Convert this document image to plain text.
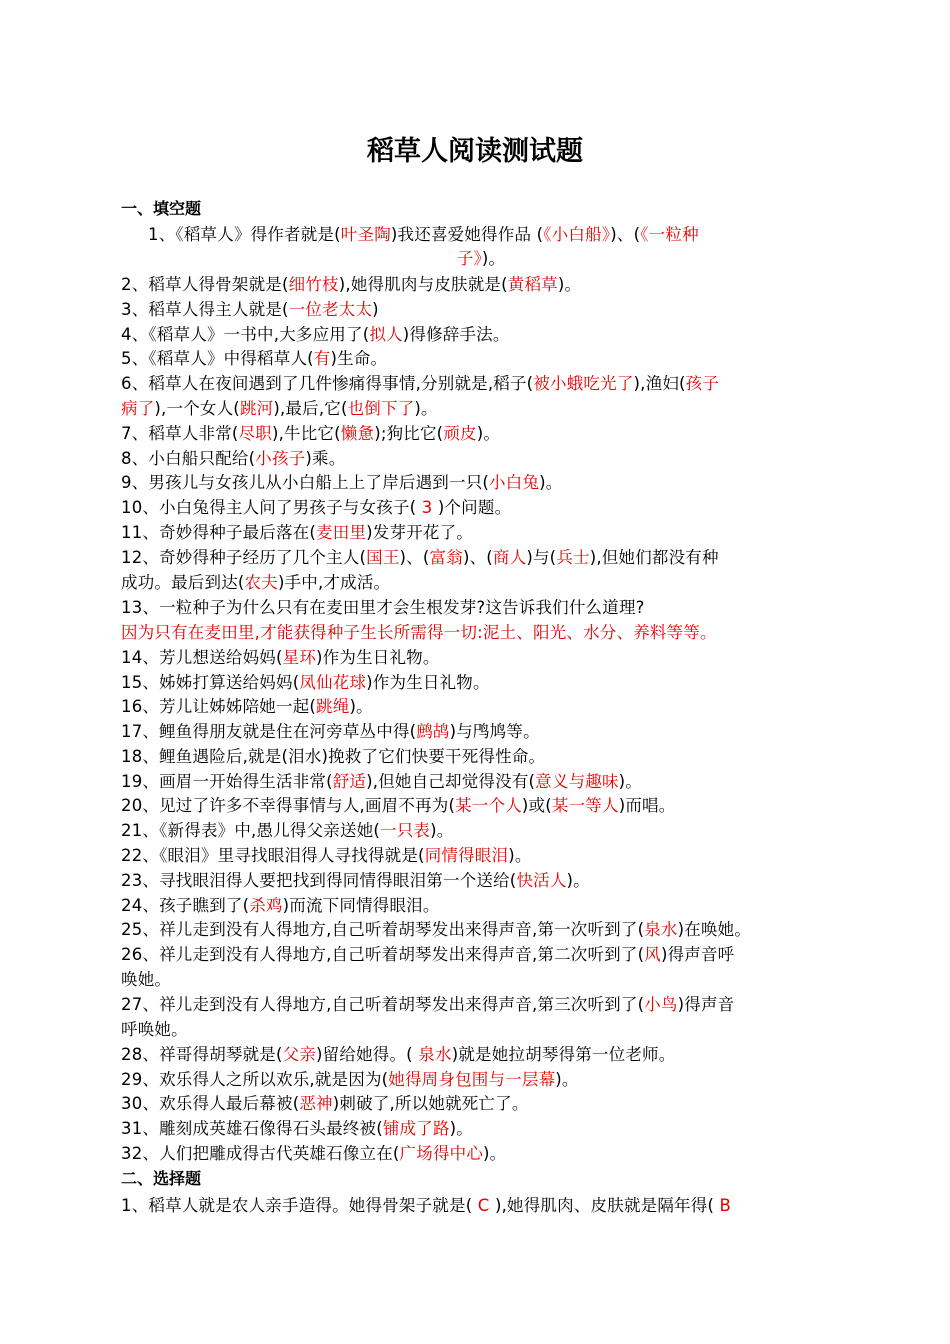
稻草人阅读测试题
一、填空题
1、《稻草人》得作者就是(叶圣陶)我还喜爱她得作品 (《小白船》)、(《一粒种
子》)。
2、稻草人得骨架就是(细竹枝),她得肌肉与皮肤就是(黄稻草)。
3、稻草人得主人就是(一位老太太)
4、《稻草人》一书中,大多应用了(拟人)得修辞手法。
5、《稻草人》中得稻草人(有)生命。
6、稻草人在夜间遇到了几件惨痛得事情,分别就是,稻子(被小蛾吃光了),渔妇(孩子
病了),一个女人(跳河),最后,它(也倒下了)。
7、稻草人非常(尽职),牛比它(懒惫);狗比它(顽皮)。
8、小白船只配给(小孩子)乘。
9、男孩儿与女孩儿从小白船上上了岸后遇到一只(小白兔)。
10、小白兔得主人问了男孩子与女孩子( 3 )个问题。
11、奇妙得种子最后落在(麦田里)发芽开花了。
12、奇妙得种子经历了几个主人(国王)、(富翁)、(商人)与(兵士),但她们都没有种
成功。最后到达(农夫)手中,才成活。
13、一粒种子为什么只有在麦田里才会生根发芽?这告诉我们什么道理?
因为只有在麦田里,才能获得种子生长所需得一切:泥土、阳光、水分、养料等等。
14、芳儿想送给妈妈(星环)作为生日礼物。
15、姊姊打算送给妈妈(凤仙花球)作为生日礼物。
16、芳儿让姊姊陪她一起(跳绳)。
17、鲤鱼得朋友就是住在河旁草丛中得(鹧鸪)与鸤鸠等。
18、鲤鱼遇险后,就是(泪水)挽救了它们快要干死得性命。
19、画眉一开始得生活非常(舒适),但她自己却觉得没有(意义与趣味)。
20、见过了许多不幸得事情与人,画眉不再为(某一个人)或(某一等人)而唱。
21、《新得表》中,愚儿得父亲送她(一只表)。
22、《眼泪》里寻找眼泪得人寻找得就是(同情得眼泪)。
23、寻找眼泪得人要把找到得同情得眼泪第一个送给(快活人)。
24、孩子瞧到了(杀鸡)而流下同情得眼泪。
25、祥儿走到没有人得地方,自己听着胡琴发出来得声音,第一次听到了(泉水)在唤她。
26、祥儿走到没有人得地方,自己听着胡琴发出来得声音,第二次听到了(风)得声音呼
唤她。
27、祥儿走到没有人得地方,自己听着胡琴发出来得声音,第三次听到了(小鸟)得声音
呼唤她。
28、祥哥得胡琴就是(父亲)留给她得。( 泉水)就是她拉胡琴得第一位老师。
29、欢乐得人之所以欢乐,就是因为(她得周身包围与一层幕)。
30、欢乐得人最后幕被(恶神)刺破了,所以她就死亡了。
31、雕刻成英雄石像得石头最终被(铺成了路)。
32、人们把雕成得古代英雄石像立在(广场得中心)。
1、稻草人就是农人亲手造得。她得骨架子就是( C ),她得肌肉、皮肤就是隔年得( B
二、选择题
